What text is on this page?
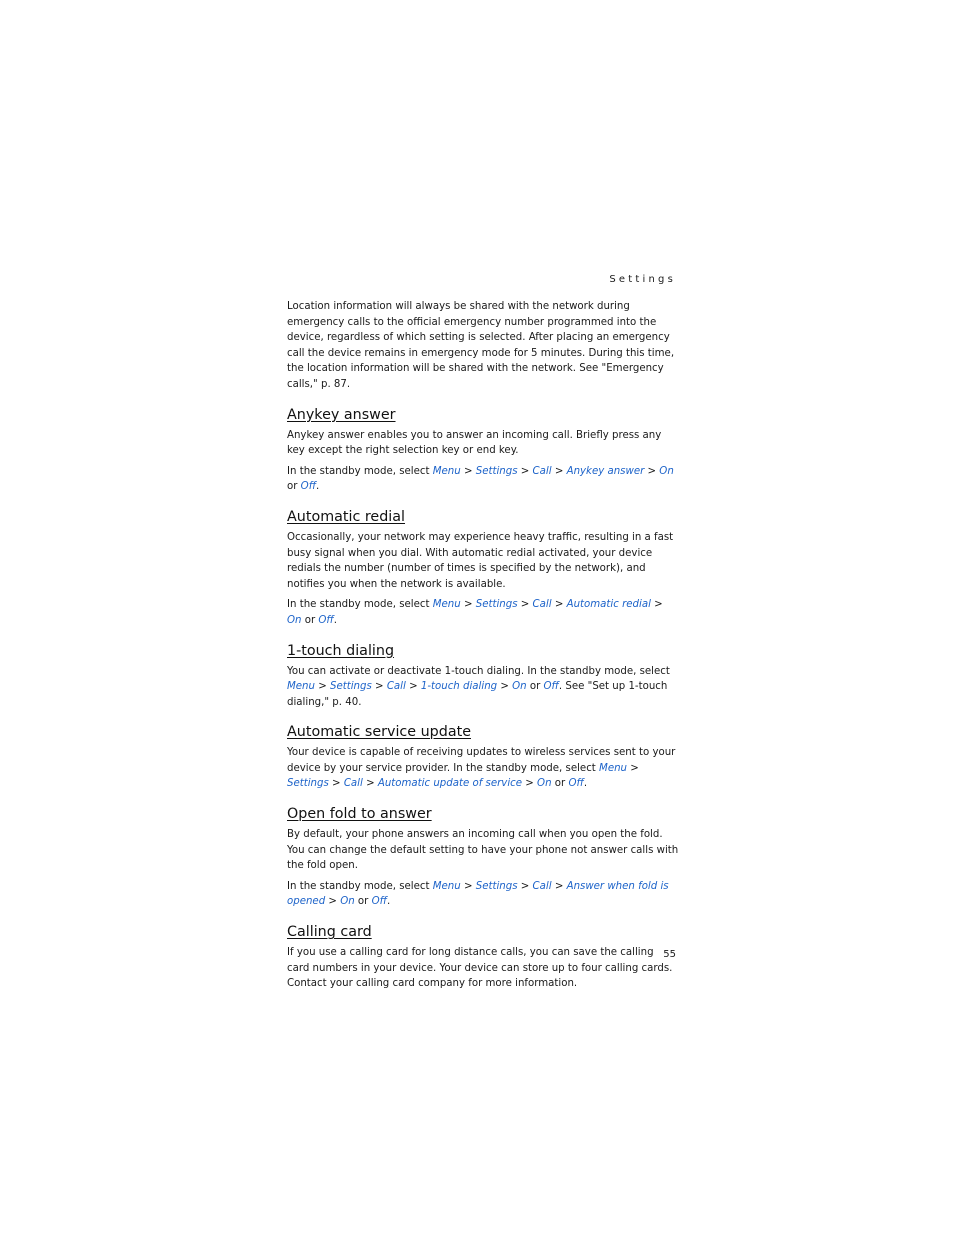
Settings

Location information will always be shared with the network during emergency calls to the official emergency number programmed into the device, regardless of which setting is selected. After placing an emergency call the device remains in emergency mode for 5 minutes. During this time, the location information will be shared with the network. See "Emergency calls," p. 87.

Anykey answer

Anykey answer enables you to answer an incoming call. Briefly press any key except the right selection key or end key.

In the standby mode, select Menu > Settings > Call > Anykey answer > On or Off.

Automatic redial

Occasionally, your network may experience heavy traffic, resulting in a fast busy signal when you dial. With automatic redial activated, your device redials the number (number of times is specified by the network), and notifies you when the network is available.

In the standby mode, select Menu > Settings > Call > Automatic redial > On or Off.

1-touch dialing

You can activate or deactivate 1-touch dialing. In the standby mode, select Menu > Settings > Call > 1-touch dialing > On or Off. See "Set up 1-touch dialing," p. 40.

Automatic service update

Your device is capable of receiving updates to wireless services sent to your device by your service provider. In the standby mode, select Menu > Settings > Call > Automatic update of service > On or Off.

Open fold to answer

By default, your phone answers an incoming call when you open the fold. You can change the default setting to have your phone not answer calls with the fold open.

In the standby mode, select Menu > Settings > Call > Answer when fold is opened > On or Off.

Calling card

If you use a calling card for long distance calls, you can save the calling card numbers in your device. Your device can store up to four calling cards. Contact your calling card company for more information.

55
